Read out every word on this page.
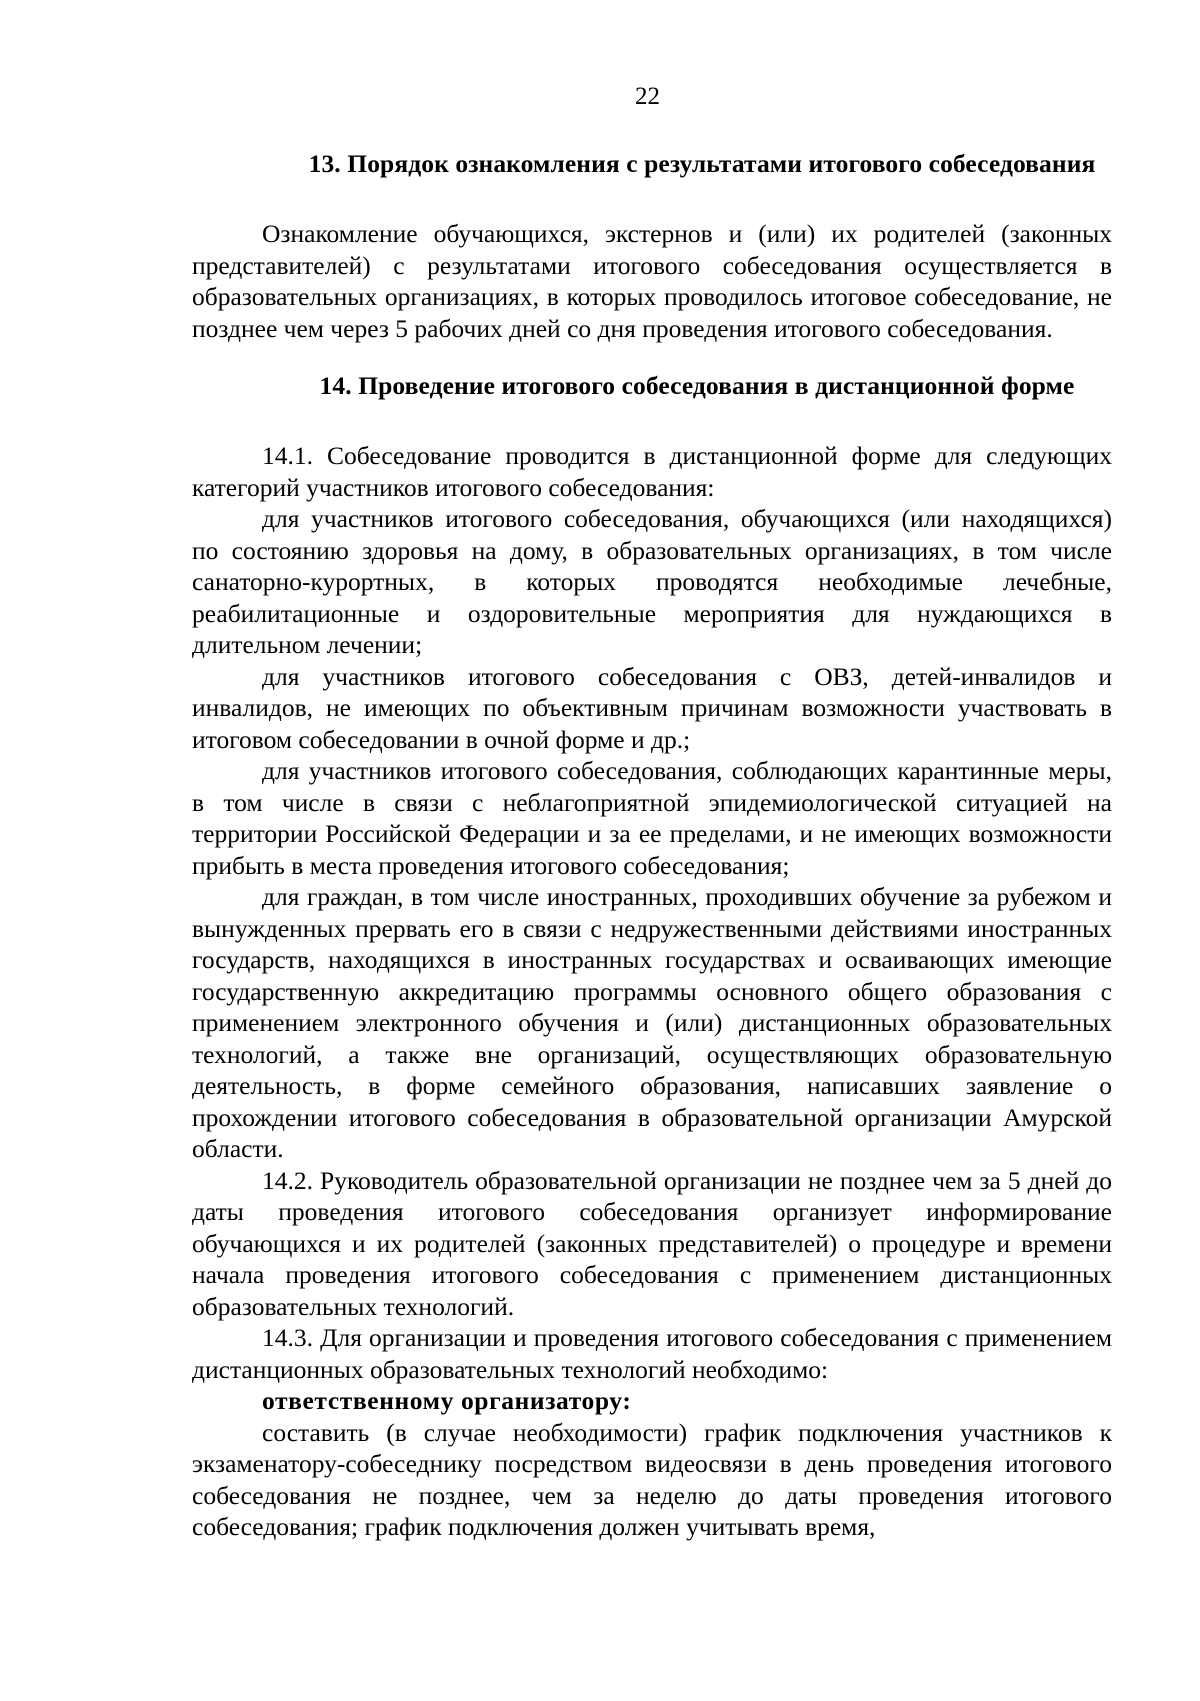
22
13. Порядок ознакомления с результатами итогового собеседования

Ознакомление обучающихся, экстернов и (или) их родителей (законных представителей) с результатами итогового собеседования осуществляется в образовательных организациях, в которых проводилось итоговое собеседование, не позднее чем через 5 рабочих дней со дня проведения итогового собеседования.

14. Проведение итогового собеседования в дистанционной форме

14.1. Собеседование проводится в дистанционной форме для следующих категорий участников итогового собеседования:

для участников итогового собеседования, обучающихся (или находящихся) по состоянию здоровья на дому, в образовательных организациях, в том числе санаторно-курортных, в которых проводятся необходимые лечебные, реабилитационные и оздоровительные мероприятия для нуждающихся в длительном лечении;

для участников итогового собеседования с ОВЗ, детей-инвалидов и инвалидов, не имеющих по объективным причинам возможности участвовать в итоговом собеседовании в очной форме и др.;

для участников итогового собеседования, соблюдающих карантинные меры, в том числе в связи с неблагоприятной эпидемиологической ситуацией на территории Российской Федерации и за ее пределами, и не имеющих возможности прибыть в места проведения итогового собеседования;

для граждан, в том числе иностранных, проходивших обучение за рубежом и вынужденных прервать его в связи с недружественными действиями иностранных государств, находящихся в иностранных государствах и осваивающих имеющие государственную аккредитацию программы основного общего образования с применением электронного обучения и (или) дистанционных образовательных технологий, а также вне организаций, осуществляющих образовательную деятельность, в форме семейного образования, написавших заявление о прохождении итогового собеседования в образовательной организации Амурской области.

14.2. Руководитель образовательной организации не позднее чем за 5 дней до даты проведения итогового собеседования организует информирование обучающихся и их родителей (законных представителей) о процедуре и времени начала проведения итогового собеседования с применением дистанционных образовательных технологий.

14.3. Для организации и проведения итогового собеседования с применением дистанционных образовательных технологий необходимо:

ответственному организатору:

составить (в случае необходимости) график подключения участников к экзаменатору-собеседнику посредством видеосвязи в день проведения итогового собеседования не позднее, чем за неделю до даты проведения итогового собеседования; график подключения должен учитывать время,
